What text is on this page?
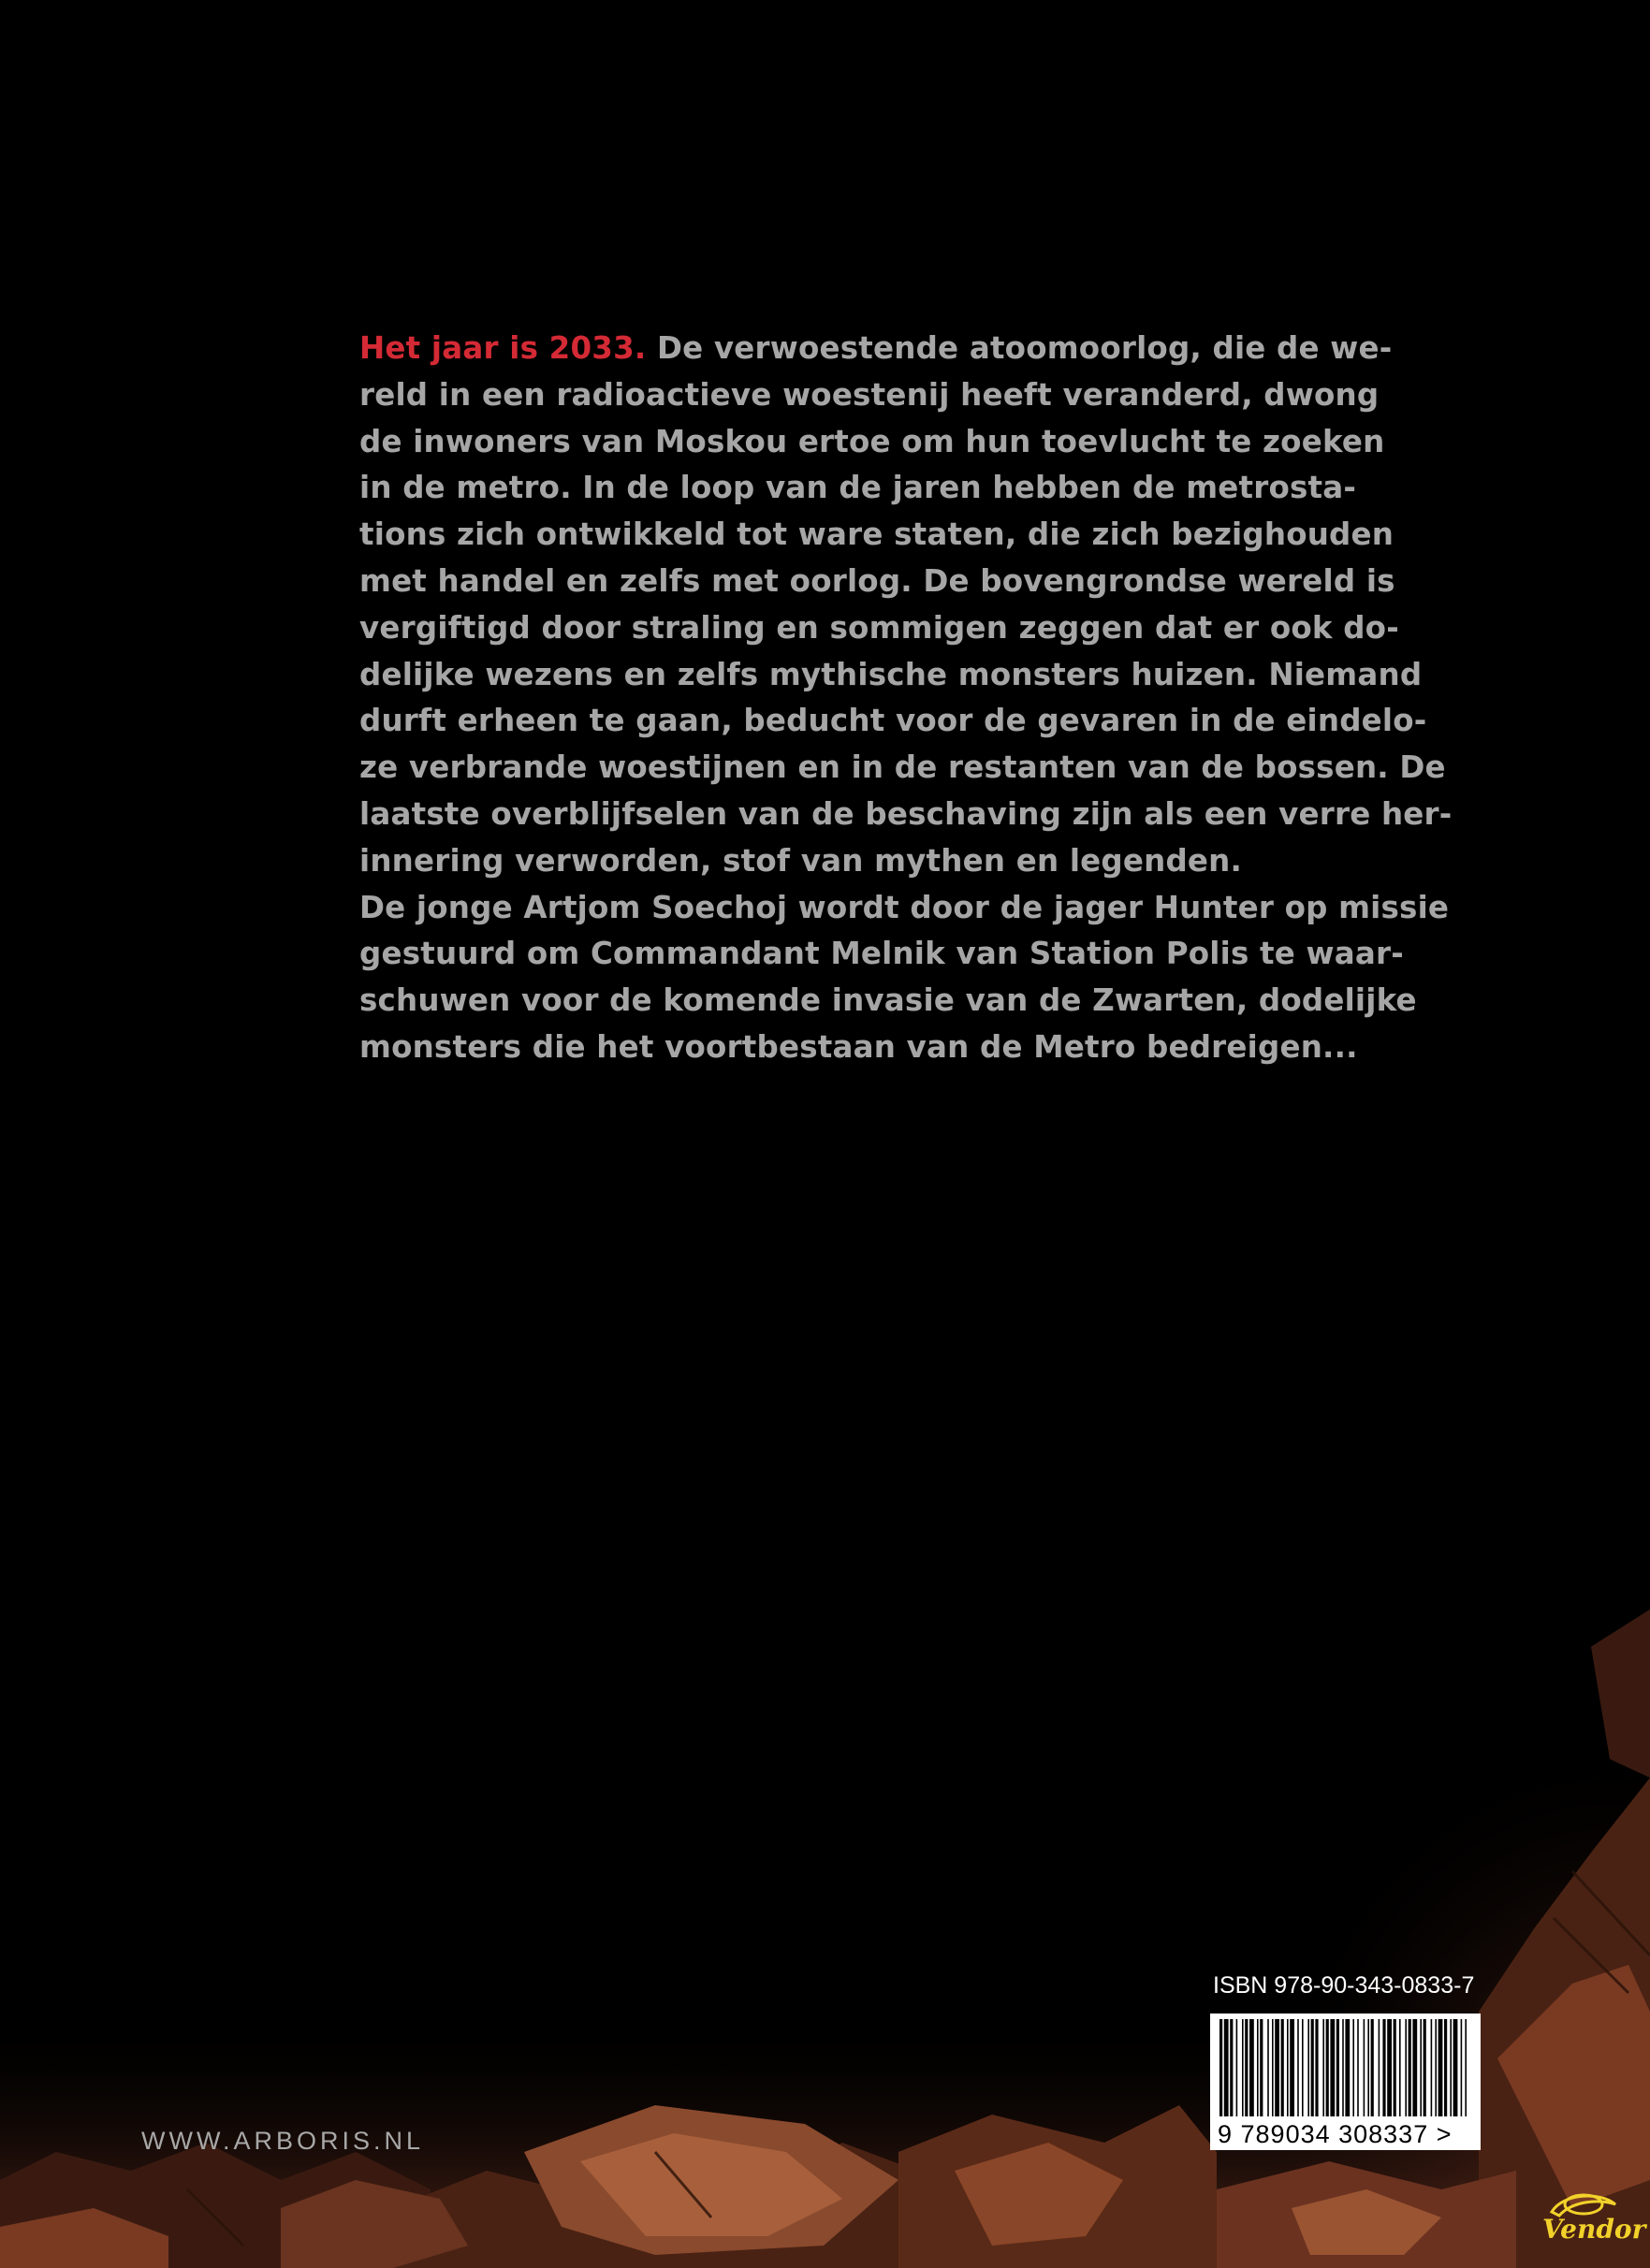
Het jaar is 2033. De verwoestende atoomoorlog, die de we-
reld in een radioactieve woestenij heeft veranderd, dwong
de inwoners van Moskou ertoe om hun toevlucht te zoeken
in de metro. In de loop van de jaren hebben de metrosta-
tions zich ontwikkeld tot ware staten, die zich bezighouden
met handel en zelfs met oorlog. De bovengrondse wereld is
vergiftigd door straling en sommigen zeggen dat er ook do-
delijke wezens en zelfs mythische monsters huizen. Niemand
durft erheen te gaan, beducht voor de gevaren in de eindelo-
ze verbrande woestijnen en in de restanten van de bossen. De
laatste overblijfselen van de beschaving zijn als een verre her-
innering verworden, stof van mythen en legenden.
De jonge Artjom Soechoj wordt door de jager Hunter op missie
gestuurd om Commandant Melnik van Station Polis te waar-
schuwen voor de komende invasie van de Zwarten, dodelijke
monsters die het voortbestaan van de Metro bedreigen...
ISBN 978-90-343-0833-7
9 789034 308337 >
WWW.ARBORIS.NL
Vendor
